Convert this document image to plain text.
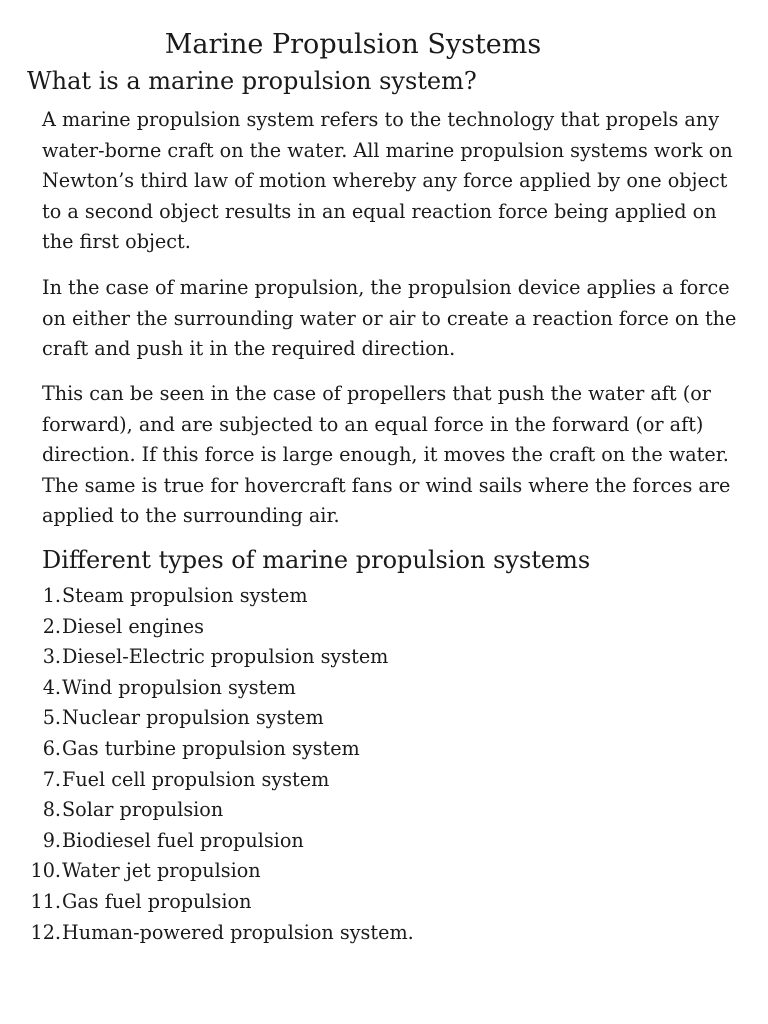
Marine Propulsion Systems
What is a marine propulsion system?

A marine propulsion system refers to the technology that propels any water-borne craft on the water. All marine propulsion systems work on Newton’s third law of motion whereby any force applied by one object to a second object results in an equal reaction force being applied on the first object.

In the case of marine propulsion, the propulsion device applies a force on either the surrounding water or air to create a reaction force on the craft and push it in the required direction.

This can be seen in the case of propellers that push the water aft (or forward), and are subjected to an equal force in the forward (or aft) direction. If this force is large enough, it moves the craft on the water. The same is true for hovercraft fans or wind sails where the forces are applied to the surrounding air.

Different types of marine propulsion systems
1. Steam propulsion system
2. Diesel engines
3. Diesel-Electric propulsion system
4. Wind propulsion system
5. Nuclear propulsion system
6. Gas turbine propulsion system
7. Fuel cell propulsion system
8. Solar propulsion
9. Biodiesel fuel propulsion
10. Water jet propulsion
11. Gas fuel propulsion
12. Human-powered propulsion system.
